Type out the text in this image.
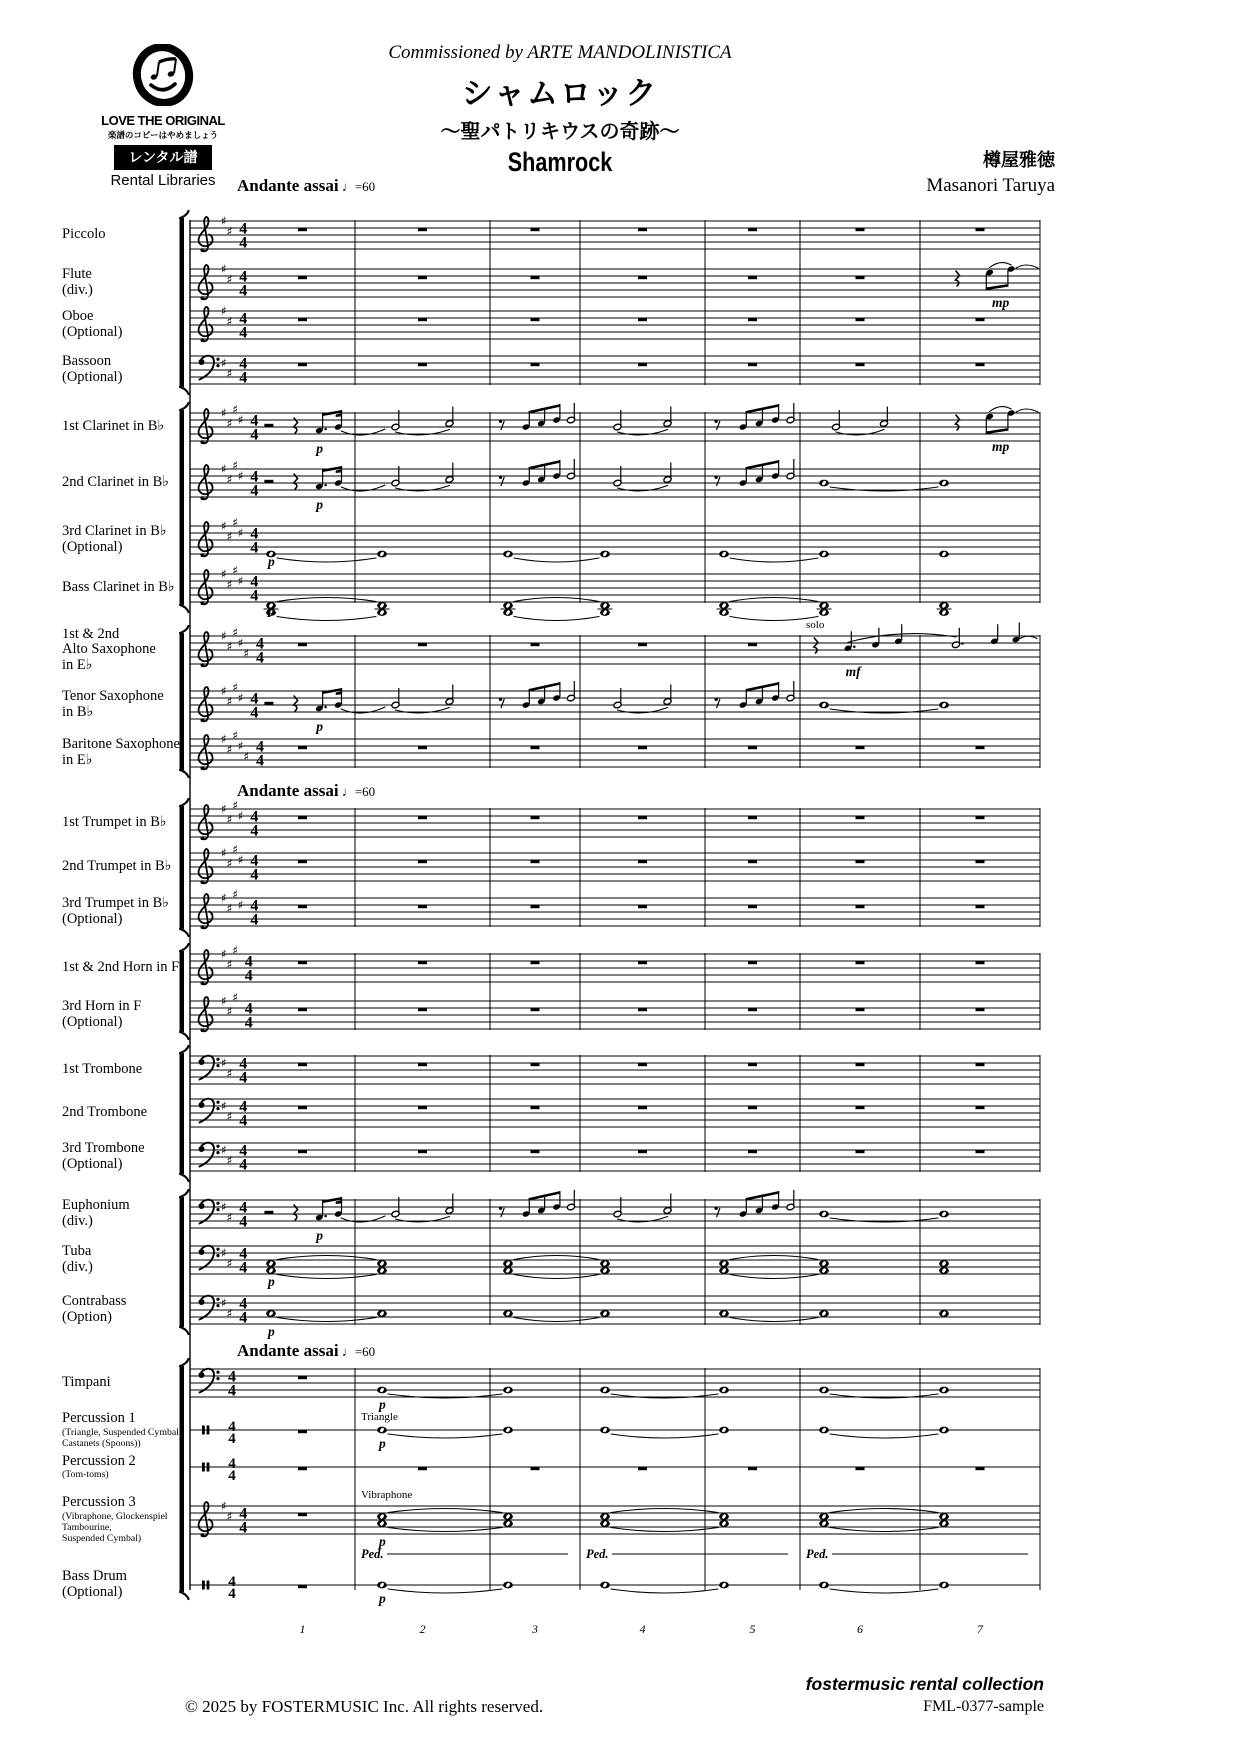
LOVE THE ORIGINAL
楽譜のコピーはやめましょう
レンタル譜
Rental Libraries
Commissioned by ARTE MANDOLINISTICA
シャムロック
～聖パトリキウスの奇跡～
Shamrock	樽屋雅徳
Masanori Taruya
♯
♯ 4
4
♯
♯ 4
4
mp
♯
♯ 4
4
♯
♯
4
4
♯
♯
♯
♯ 4
4
p	mp
♯
♯
♯
♯ 4
4
p
♯
♯
♯
♯ 4
4
p
♯
♯
♯
♯ 4
4
p
♯
♯
♯
♯
♯
4
4
solo
mf
♯
♯
♯
♯ 4
4
p
♯
♯
♯
♯
♯
4
4
♯
♯
♯
♯ 4
4
♯
♯
♯
♯ 4
4
♯
♯
♯
♯ 4
4
♯
♯
♯
4
4
♯
♯
♯
4
4
♯
♯
4
4
♯
♯
4
4
♯
♯
4
4
♯
♯
4
4
p
♯
♯
4
4
p
♯
♯
4
4
p
4
4
p
4
4	p
Triangle
4
4
♯
♯ 4
4
p
Vibraphone
Ped.	Ped.	Ped.
4
4	p
Piccolo
Flute
(div.)
Oboe
(Optional)
Bassoon
(Optional)
1st Clarinet in B♭
2nd Clarinet in B♭
3rd Clarinet in B♭
(Optional)
Bass Clarinet in B♭
1st & 2nd
Alto Saxophone
in E♭
Tenor Saxophone
in B♭
Baritone Saxophone
in E♭
1st Trumpet in B♭
2nd Trumpet in B♭
3rd Trumpet in B♭
(Optional)
1st & 2nd Horn in F
3rd Horn in F
(Optional)
1st Trombone
2nd Trombone
3rd Trombone
(Optional)
Euphonium
(div.)
Tuba
(div.)
Contrabass
(Option)
Timpani
Percussion 1
(Triangle, Suspended Cymbal
Castanets (Spoons))
Percussion 2
(Tom-toms)
Percussion 3
(Vibraphone, Glockenspiel
Tambourine,
Suspended Cymbal)
Bass Drum
(Optional)
Andante assai ♩=60
Andante assai ♩=60
Andante assai ♩=60
1	2	3	4	5	6	7
© 2025 by FOSTERMUSIC Inc. All rights reserved.
fostermusic rental collection
FML-0377-sample
